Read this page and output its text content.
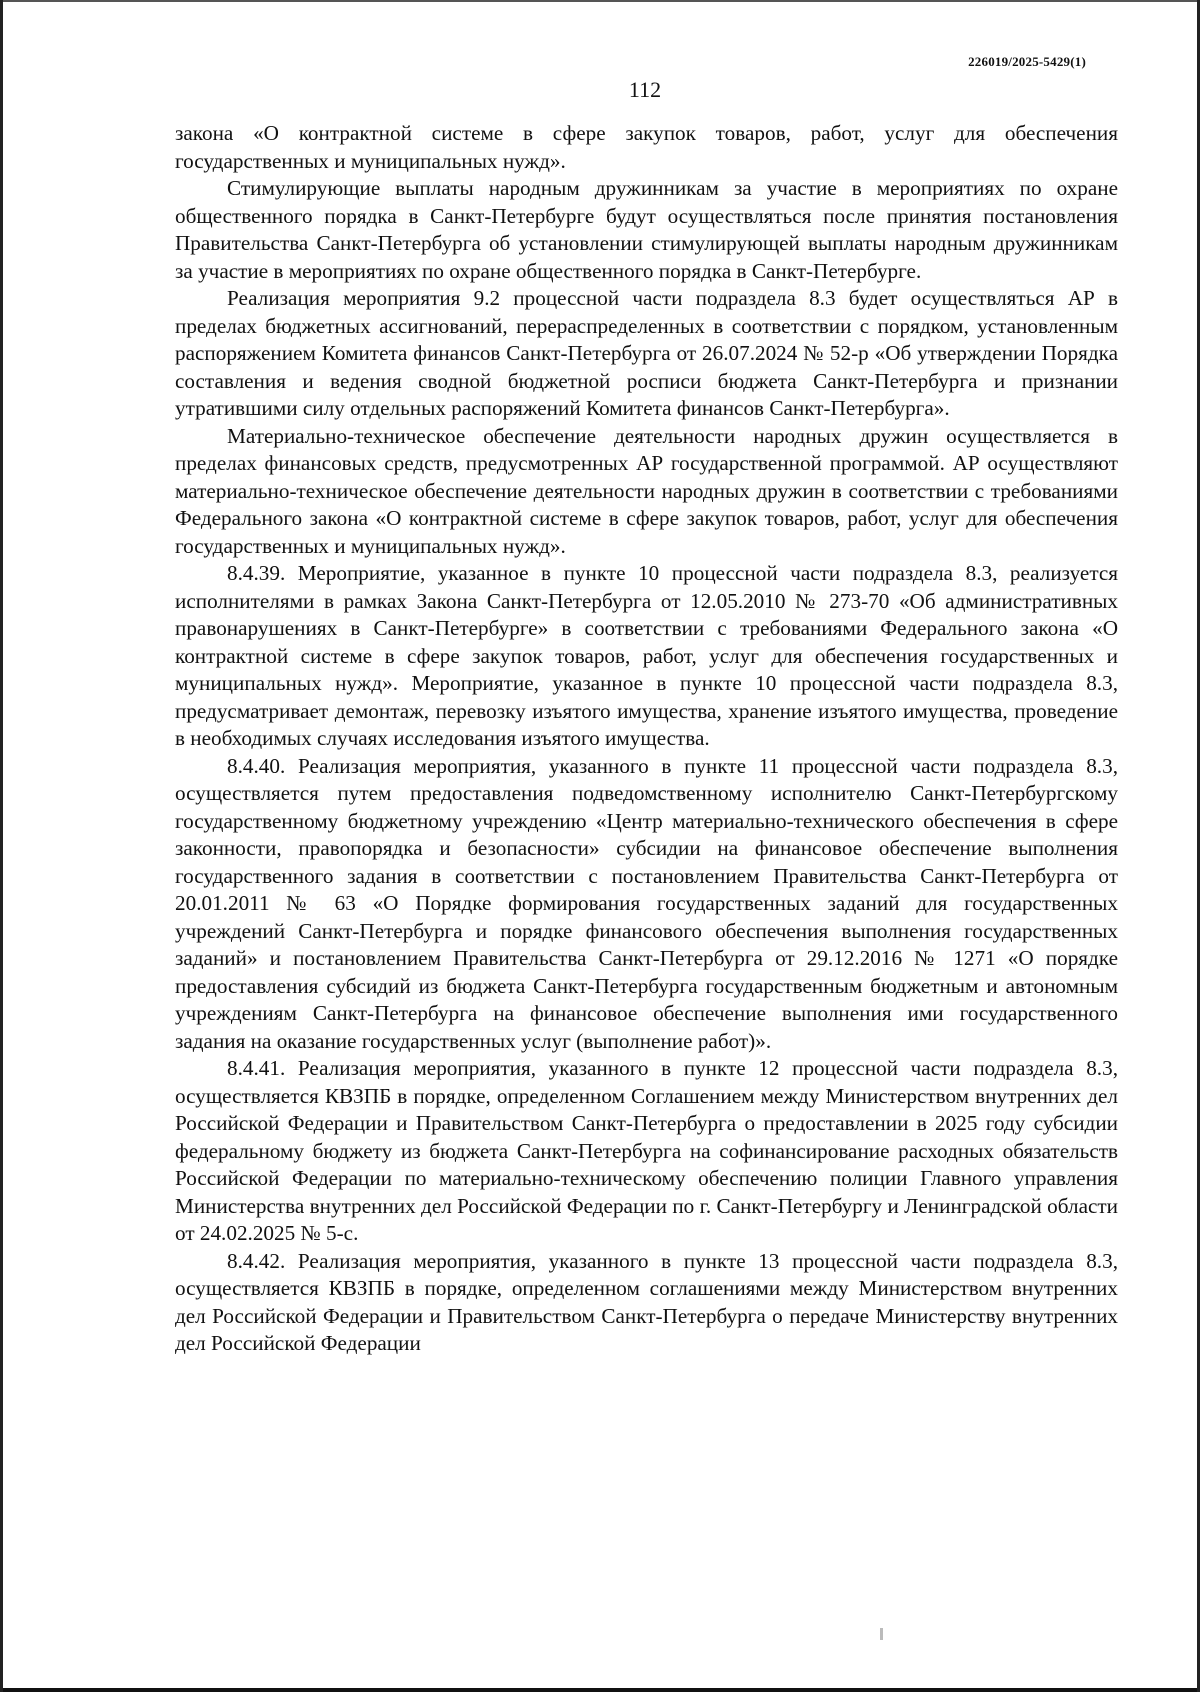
226019/2025-5429(1)
112

закона «О контрактной системе в сфере закупок товаров, работ, услуг для обеспечения государственных и муниципальных нужд».

Стимулирующие выплаты народным дружинникам за участие в мероприятиях по охране общественного порядка в Санкт-Петербурге будут осуществляться после принятия постановления Правительства Санкт-Петербурга об установлении стимулирующей выплаты народным дружинникам за участие в мероприятиях по охране общественного порядка в Санкт-Петербурге.

Реализация мероприятия 9.2 процессной части подраздела 8.3 будет осуществляться АР в пределах бюджетных ассигнований, перераспределенных в соответствии с порядком, установленным распоряжением Комитета финансов Санкт-Петербурга от 26.07.2024 № 52-р «Об утверждении Порядка составления и ведения сводной бюджетной росписи бюджета Санкт-Петербурга и признании утратившими силу отдельных распоряжений Комитета финансов Санкт-Петербурга».

Материально-техническое обеспечение деятельности народных дружин осуществляется в пределах финансовых средств, предусмотренных АР государственной программой. АР осуществляют материально-техническое обеспечение деятельности народных дружин в соответствии с требованиями Федерального закона «О контрактной системе в сфере закупок товаров, работ, услуг для обеспечения государственных и муниципальных нужд».

8.4.39. Мероприятие, указанное в пункте 10 процессной части подраздела 8.3, реализуется исполнителями в рамках Закона Санкт-Петербурга от 12.05.2010 № 273-70 «Об административных правонарушениях в Санкт-Петербурге» в соответствии с требованиями Федерального закона «О контрактной системе в сфере закупок товаров, работ, услуг для обеспечения государственных и муниципальных нужд». Мероприятие, указанное в пункте 10 процессной части подраздела 8.3, предусматривает демонтаж, перевозку изъятого имущества, хранение изъятого имущества, проведение в необходимых случаях исследования изъятого имущества.

8.4.40. Реализация мероприятия, указанного в пункте 11 процессной части подраздела 8.3, осуществляется путем предоставления подведомственному исполнителю Санкт-Петербургскому государственному бюджетному учреждению «Центр материально-технического обеспечения в сфере законности, правопорядка и безопасности» субсидии на финансовое обеспечение выполнения государственного задания в соответствии с постановлением Правительства Санкт-Петербурга от 20.01.2011 № 63 «О Порядке формирования государственных заданий для государственных учреждений Санкт-Петербурга и порядке финансового обеспечения выполнения государственных заданий» и постановлением Правительства Санкт-Петербурга от 29.12.2016 № 1271 «О порядке предоставления субсидий из бюджета Санкт-Петербурга государственным бюджетным и автономным учреждениям Санкт-Петербурга на финансовое обеспечение выполнения ими государственного задания на оказание государственных услуг (выполнение работ)».

8.4.41. Реализация мероприятия, указанного в пункте 12 процессной части подраздела 8.3, осуществляется КВЗПБ в порядке, определенном Соглашением между Министерством внутренних дел Российской Федерации и Правительством Санкт-Петербурга о предоставлении в 2025 году субсидии федеральному бюджету из бюджета Санкт-Петербурга на софинансирование расходных обязательств Российской Федерации по материально-техническому обеспечению полиции Главного управления Министерства внутренних дел Российской Федерации по г. Санкт-Петербургу и Ленинградской области от 24.02.2025 № 5-с.

8.4.42. Реализация мероприятия, указанного в пункте 13 процессной части подраздела 8.3, осуществляется КВЗПБ в порядке, определенном соглашениями между Министерством внутренних дел Российской Федерации и Правительством Санкт-Петербурга о передаче Министерству внутренних дел Российской Федерации
